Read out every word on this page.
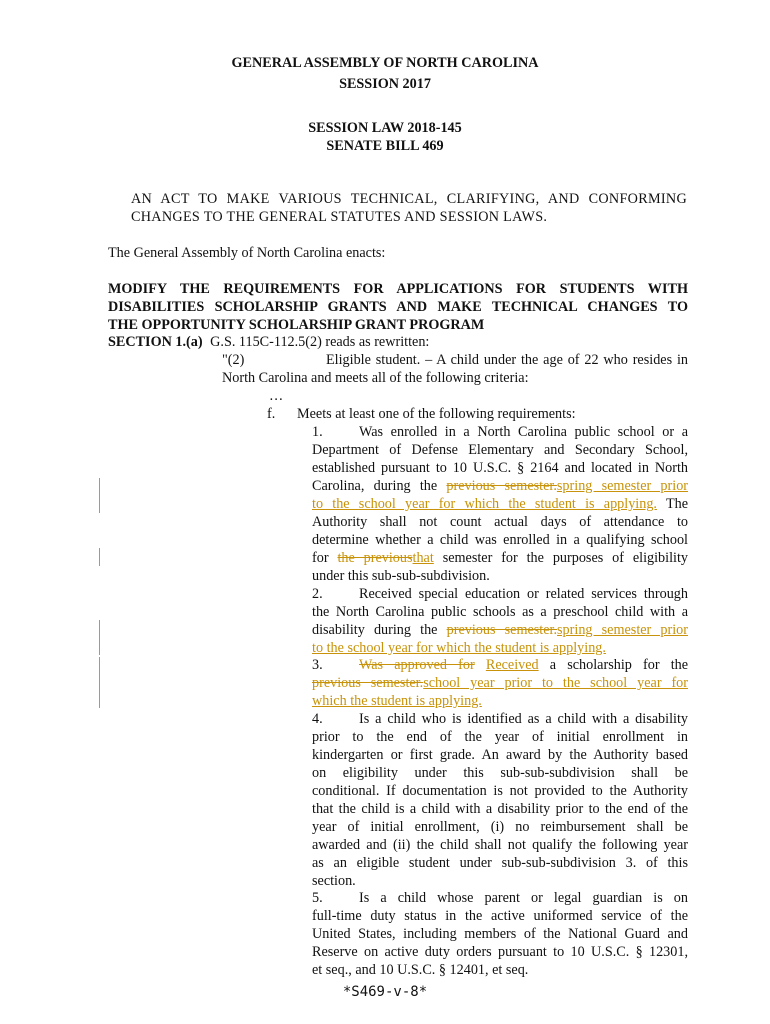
GENERAL ASSEMBLY OF NORTH CAROLINA
SESSION 2017
SESSION LAW 2018-145
SENATE BILL 469
AN ACT TO MAKE VARIOUS TECHNICAL, CLARIFYING, AND CONFORMING
CHANGES TO THE GENERAL STATUTES AND SESSION LAWS.
The General Assembly of North Carolina enacts:
MODIFY THE REQUIREMENTS FOR APPLICATIONS FOR STUDENTS WITH
DISABILITIES SCHOLARSHIP GRANTS AND MAKE TECHNICAL CHANGES TO
THE OPPORTUNITY SCHOLARSHIP GRANT PROGRAM
SECTION 1.(a) G.S. 115C-112.5(2) reads as rewritten:
"(2)	Eligible student. – A child under the age of 22 who resides in
North Carolina and meets all of the following criteria:
…
f. Meets at least one of the following requirements:
1.	Was enrolled in a North Carolina public school or a
Department of Defense Elementary and Secondary School,
established pursuant to 10 U.S.C. § 2164 and located in North
Carolina, during the previous semester.spring semester prior
to the school year for which the student is applying. The
Authority shall not count actual days of attendance to
determine whether a child was enrolled in a qualifying school
for the previousthat semester for the purposes of eligibility
under this sub-sub-subdivision.
2.	Received special education or related services through
the North Carolina public schools as a preschool child with a
disability during the previous semester.spring semester prior
to the school year for which the student is applying.
3.	Was approved for Received a scholarship for the
previous semester.school year prior to the school year for
which the student is applying.
4.	Is a child who is identified as a child with a disability
prior to the end of the year of initial enrollment in
kindergarten or first grade. An award by the Authority based
on eligibility under this sub-sub-subdivision shall be
conditional. If documentation is not provided to the Authority
that the child is a child with a disability prior to the end of the
year of initial enrollment, (i) no reimbursement shall be
awarded and (ii) the child shall not qualify the following year
as an eligible student under sub-sub-subdivision 3. of this
section.
5.	Is a child whose parent or legal guardian is on
full-time duty status in the active uniformed service of the
United States, including members of the National Guard and
Reserve on active duty orders pursuant to 10 U.S.C. § 12301,
et seq., and 10 U.S.C. § 12401, et seq.
*S469-v-8*
